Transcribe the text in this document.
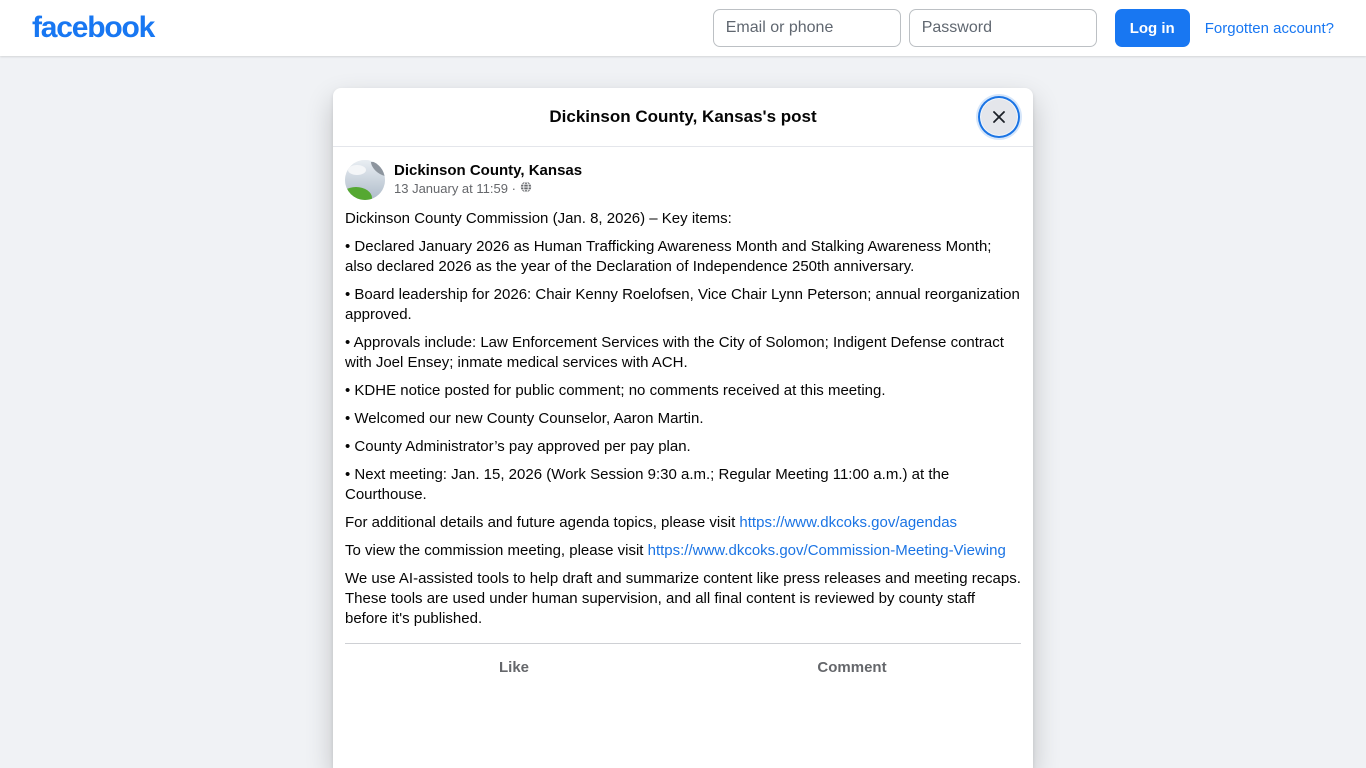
facebook
Email or phone	Log in	Forgotten account?
Dickinson County, Kansas's post
Dickinson County, Kansas
13 January at 11:59 ·

Dickinson County Commission (Jan. 8, 2026) – Key items:

• Declared January 2026 as Human Trafficking Awareness Month and Stalking Awareness Month; also declared 2026 as the year of the Declaration of Independence 250th anniversary.

• Board leadership for 2026: Chair Kenny Roelofsen, Vice Chair Lynn Peterson; annual reorganization approved.

• Approvals include: Law Enforcement Services with the City of Solomon; Indigent Defense contract with Joel Ensey; inmate medical services with ACH.

• KDHE notice posted for public comment; no comments received at this meeting.

• Welcomed our new County Counselor, Aaron Martin.

• County Administrator’s pay approved per pay plan.

• Next meeting: Jan. 15, 2026 (Work Session 9:30 a.m.; Regular Meeting 11:00 a.m.) at the Courthouse.

For additional details and future agenda topics, please visit https://www.dkcoks.gov/agendas

To view the commission meeting, please visit https://www.dkcoks.gov/Commission-Meeting-Viewing

We use AI-assisted tools to help draft and summarize content like press releases and meeting recaps. These tools are used under human supervision, and all final content is reviewed by county staff before it's published.

Like	Comment
